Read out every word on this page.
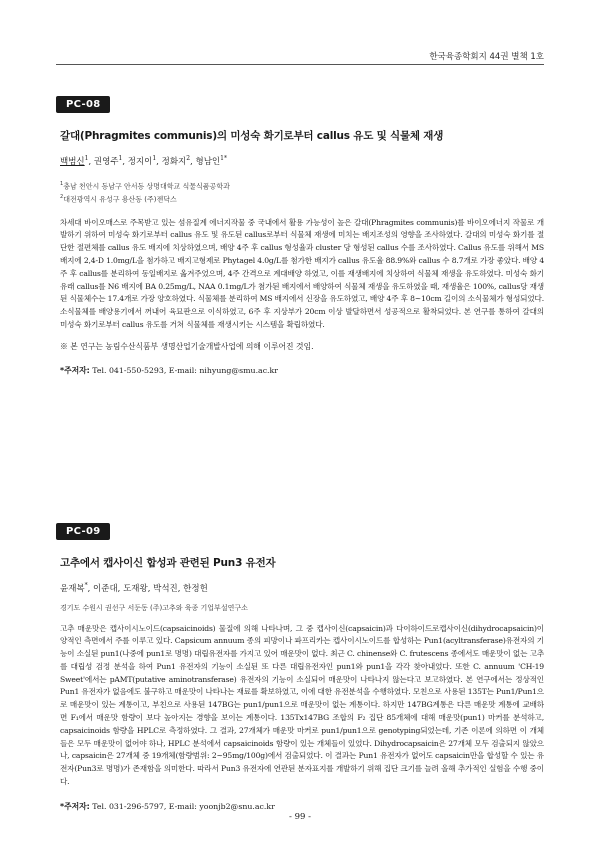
한국육종학회지 44권 별책 1호
PC-08
갈대(Phragmites communis)의 미성숙 화기로부터 callus 유도 및 식물체 재생
백범신$^1$, 권영주$^1$, 정지이$^1$, 정화지$^2$, 형남인$^{1*}$
$^1$충남 천안시 동남구 안서동 상명대학교 식물식품공학과
$^2$대전광역시 유성구 용산동 (주)젠닥스
차세대 바이오매스로 주목받고 있는 섬유질계 에너지작물 중 국내에서 활용 가능성이 높은 갈대(Phragmites communis)를 바이오에너지 작물로 개발하기 위하여 미성숙 화기로부터 callus 유도 및 유도된 callus로부터 식물체 재생에 미치는 배지조성의 영향을 조사하였다. 갈대의 미성숙 화기를 절단한 절편체를 callus 유도 배지에 치상하였으며, 배양 4주 후 callus 형성율과 cluster 당 형성된 callus 수를 조사하였다. Callus 유도를 위해서 MS 배지에 2,4-D 1.0mg/L을 첨가하고 배지고형제로 Phytagel 4.0g/L를 첨가한 배지가 callus 유도율 88.9%와 callus 수 8.7개로 가장 좋았다. 배양 4주 후 callus를 분리하여 동일배지로 옮겨주었으며, 4주 간격으로 계대배양 하였고, 이를 재생배지에 치상하여 식물체 재생을 유도하였다. 미성숙 화기 유래 callus를 N6 배지에 BA 0.25mg/L, NAA 0.1mg/L가 첨가된 배지에서 배양하여 식물체 재생을 유도하였을 때, 재생율은 100%, callus당 재생된 식물체수는 17.4개로 가장 양호하였다. 식물체를 분리하여 MS 배지에서 신장을 유도하였고, 배양 4주 후 8~10cm 길이의 소식물체가 형성되었다. 소식물체를 배양용기에서 꺼내어 육묘판으로 이식하였고, 6주 후 지상부가 20cm 이상 발달하면서 성공적으로 활착되었다. 본 연구를 통하여 갈대의 미성숙 화기로부터 callus 유도를 거쳐 식물체를 재생시키는 시스템을 확립하였다.
※ 본 연구는 농림수산식품부 생명산업기술개발사업에 의해 이루어진 것임.
*주저자: Tel. 041-550-5293, E-mail: nihyung@smu.ac.kr
PC-09
고추에서 캡사이신 합성과 관련된 Pun3 유전자
윤재복*, 이준대, 도재왕, 박석진, 한정헌
경기도 수원시 권선구 서둔동 (주)고추와 육종 기업부설연구소
고추 매운맛은 캡사이시노이드(capsaicinoids) 물질에 의해 나타나며, 그 중 캡사이신(capsaicin)과 다이하이드로캡사이신(dihydrocapsaicin)이 양적인 측면에서 주를 이루고 있다. Capsicum annuum 종의 피망이나 파프리카는 캡사이시노이드를 합성하는 Pun1(acyltransferase)유전자의 기능이 소실된 pun1(나중에 pun1로 명명) 대립유전자를 가지고 있어 매운맛이 없다. 최근 C. chinense와 C. frutescens 종에서도 매운맛이 없는 고추를 대립성 검정 분석을 하여 Pun1 유전자의 기능이 소실된 또 다른 대립유전자인 pun1와 pun1을 각각 찾아내었다. 또한 C. annuum 'CH-19 Sweet'에서는 pAMT(putative aminotransferase) 유전자의 기능이 소실되어 매운맛이 나타나지 않는다고 보고하였다. 본 연구에서는 정상적인 Pun1 유전자가 없음에도 불구하고 매운맛이 나타나는 재료를 확보하였고, 이에 대한 유전분석을 수행하였다. 모친으로 사용된 135T는 Pun1/Pun1으로 매운맛이 있는 계통이고, 부친으로 사용된 147BG는 pun1/pun1으로 매운맛이 없는 계통이다. 하지만 147BG계통은 다른 매운맛 계통에 교배하면 F₁에서 매운맛 함량이 보다 높아지는 경향을 보이는 계통이다. 135Tx147BG 조합의 F₂ 집단 85개체에 대해 매운맛(pun1) 마커를 분석하고, capsaicinoids 함량을 HPLC로 측정하였다. 그 결과, 27개체가 매운맛 마커로 pun1/pun1으로 genotyping되었는데, 기존 이론에 의하면 이 개체들은 모두 매운맛이 없어야 하나, HPLC 분석에서 capsaicinoids 함량이 있는 개체들이 있었다. Dihydrocapsaicin은 27개체 모두 검출되지 않았으나, capsaicin은 27개체 중 19개체(함량범위: 2~95mg/100g)에서 검출되었다. 이 결과는 Pun1 유전자가 없어도 capsaicin만을 합성할 수 있는 유전자(Pun3로 명명)가 존재함을 의미한다. 따라서 Pun3 유전자에 연관된 분자표지를 개발하기 위해 집단 크기를 늘려 올해 추가적인 실험을 수행 중이다.
*주저자: Tel. 031-296-5797, E-mail: yoonjb2@snu.ac.kr
- 99 -
